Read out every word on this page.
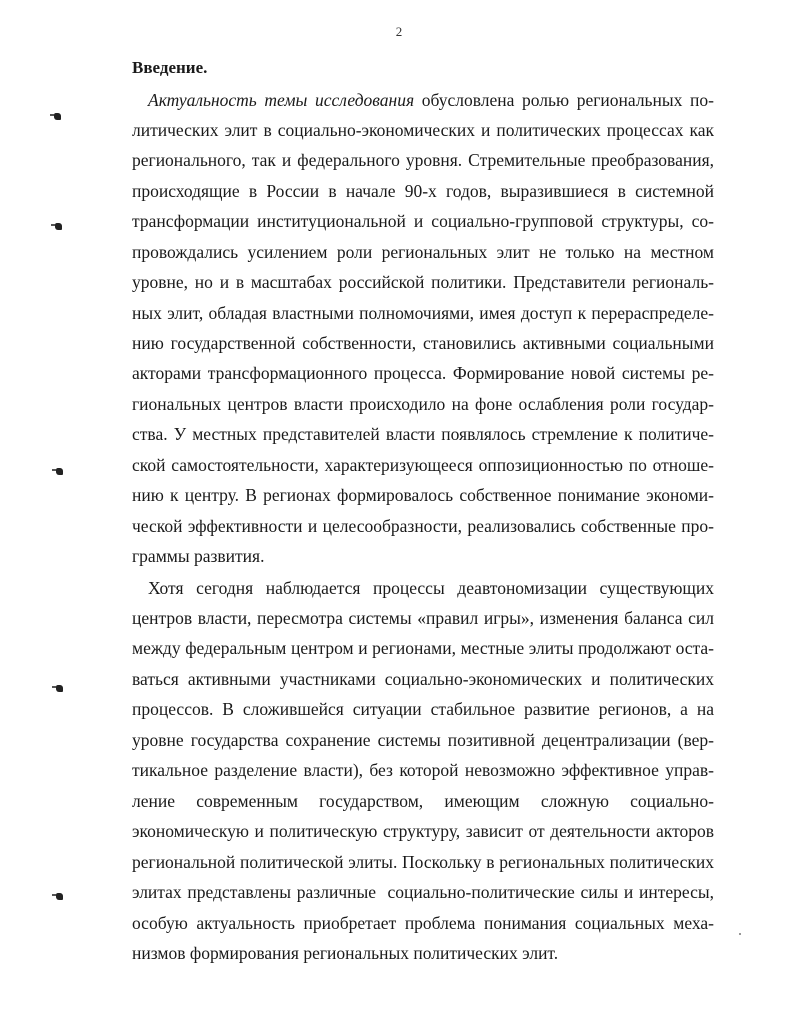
2
Введение.
Актуальность темы исследования обусловлена ролью региональных по-
литических элит в социально-экономических и политических процессах как
регионального, так и федерального уровня. Стремительные преобразования,
происходящие в России в начале 90-х годов, выразившиеся в системной
трансформации институциональной и социально-групповой структуры, со-
провождались усилением роли региональных элит не только на местном
уровне, но и в масштабах российской политики. Представители региональ-
ных элит, обладая властными полномочиями, имея доступ к перераспределе-
нию государственной собственности, становились активными социальными
акторами трансформационного процесса. Формирование новой системы ре-
гиональных центров власти происходило на фоне ослабления роли государ-
ства. У местных представителей власти появлялось стремление к политиче-
ской самостоятельности, характеризующееся оппозиционностью по отноше-
нию к центру. В регионах формировалось собственное понимание экономи-
ческой эффективности и целесообразности, реализовались собственные про-
граммы развития.
Хотя сегодня наблюдается процессы деавтономизации существующих
центров власти, пересмотра системы «правил игры», изменения баланса сил
между федеральным центром и регионами, местные элиты продолжают оста-
ваться активными участниками социально-экономических и политических
процессов. В сложившейся ситуации стабильное развитие регионов, а на
уровне государства сохранение системы позитивной децентрализации (вер-
тикальное разделение власти), без которой невозможно эффективное управ-
ление    современным    государством,    имеющим    сложную    социально-
экономическую и политическую структуру, зависит от деятельности акторов
региональной политической элиты. Поскольку в региональных политических
элитах представлены различные  социально-политические силы и интересы,
особую актуальность приобретает проблема понимания социальных меха-
низмов формирования региональных политических элит.
